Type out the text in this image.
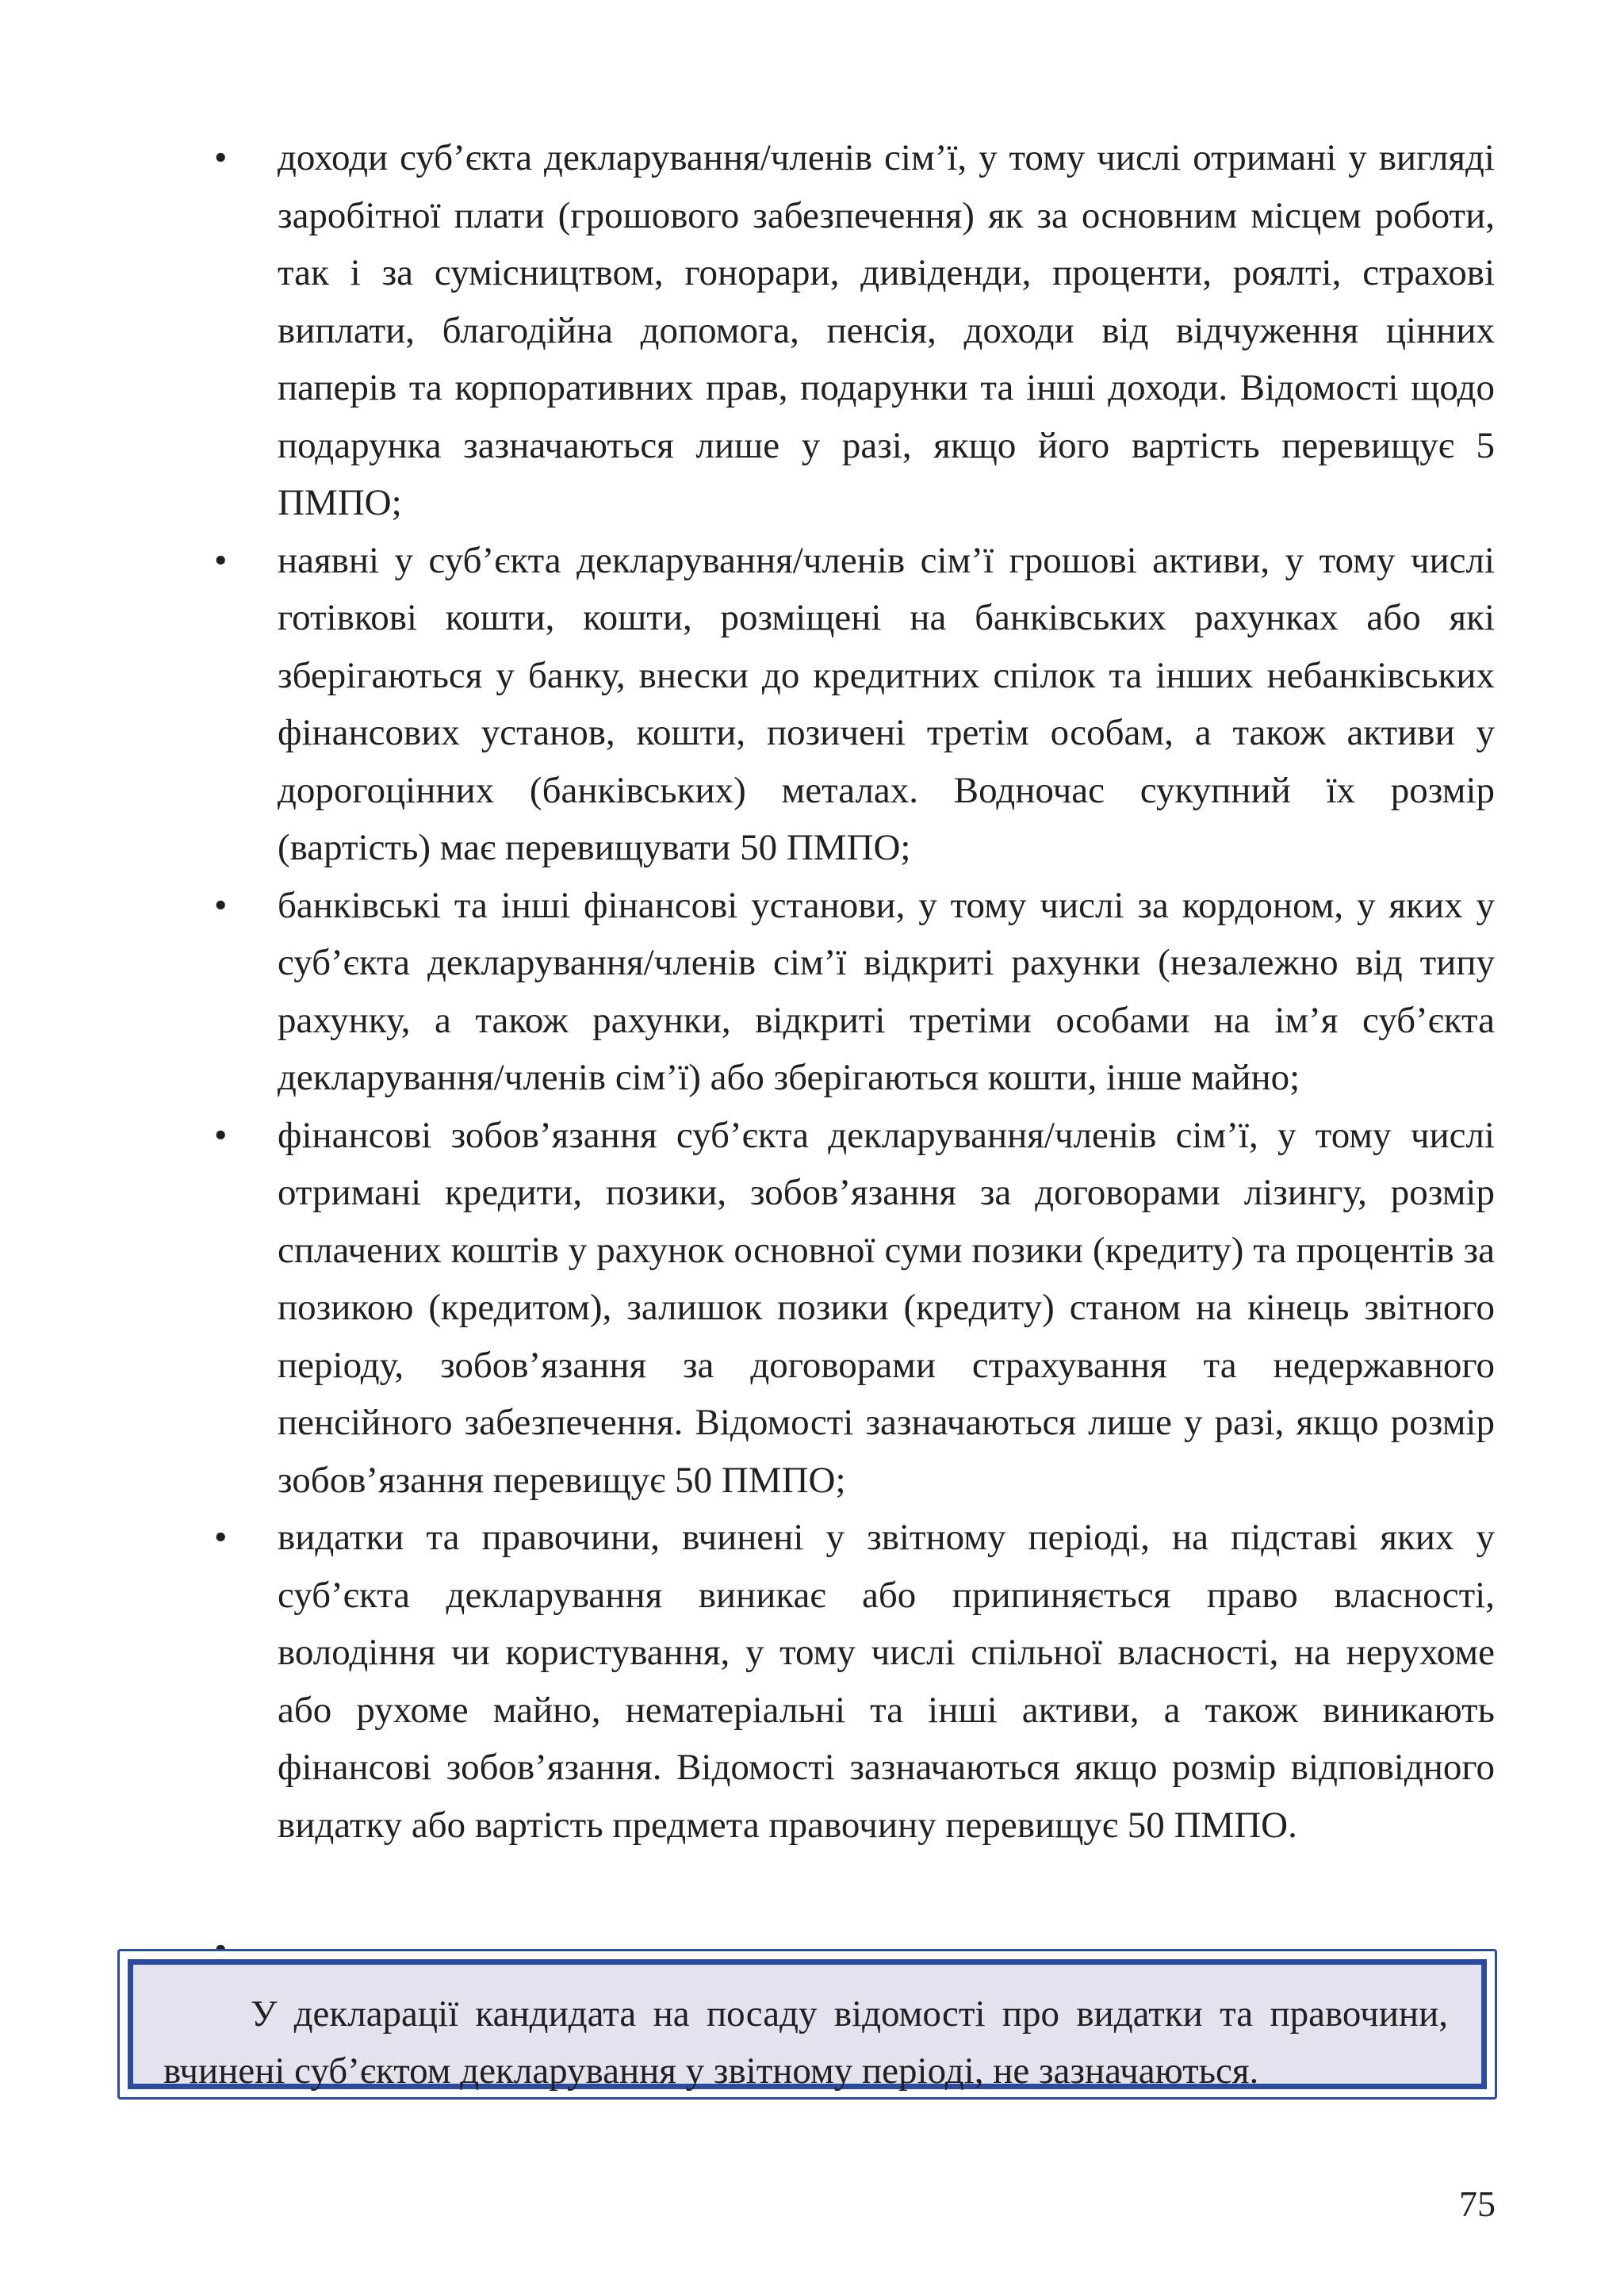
•	доходи суб’єкта декларування/членів сім’ї, у тому числі отримані у вигляді заробітної плати (грошового забезпечення) як за основним місцем роботи, так і за сумісництвом, гонорари, дивіденди, проценти, роялті, страхові виплати, благодійна допомога, пенсія, доходи від відчуження цінних паперів та корпоративних прав, подарунки та інші доходи. Відомості щодо подарунка зазначаються лише у разі, якщо його вартість перевищує 5 ПМПО;
•	наявні у суб’єкта декларування/членів сім’ї грошові активи, у тому числі готівкові кошти, кошти, розміщені на банківських рахунках або які зберігаються у банку, внески до кредитних спілок та інших небанківських фінансових установ, кошти, позичені третім особам, а також активи у дорогоцінних (банківських) металах. Водночас сукупний їх розмір (вартість) має перевищувати 50 ПМПО;
•	банківські та інші фінансові установи, у тому числі за кордоном, у яких у суб’єкта декларування/членів сім’ї відкриті рахунки (незалежно від типу рахунку, а також рахунки, відкриті третіми особами на ім’я суб’єкта декларування/членів сім’ї) або зберігаються кошти, інше майно;
•	фінансові зобов’язання суб’єкта декларування/членів сім’ї, у тому числі отримані кредити, позики, зобов’язання за договорами лізингу, розмір сплачених коштів у рахунок основної суми позики (кредиту) та процентів за позикою (кредитом), залишок позики (кредиту) станом на кінець звітного періоду, зобов’язання за договорами страхування та недержавного пенсійного забезпечення. Відомості зазначаються лише у разі, якщо розмір зобов’язання перевищує 50 ПМПО;
•	видатки та правочини, вчинені у звітному періоді, на підставі яких у суб’єкта декларування виникає або припиняється право власності, володіння чи користування, у тому числі спільної власності, на нерухоме або рухоме майно, нематеріальні та інші активи, а також виникають фінансові зобов’язання. Відомості зазначаються якщо розмір відповідного видатку або вартість предмета правочину перевищує 50 ПМПО.
У декларації кандидата на посаду відомості про видатки та правочини, вчинені суб’єктом декларування у звітному періоді, не зазначаються.
75
